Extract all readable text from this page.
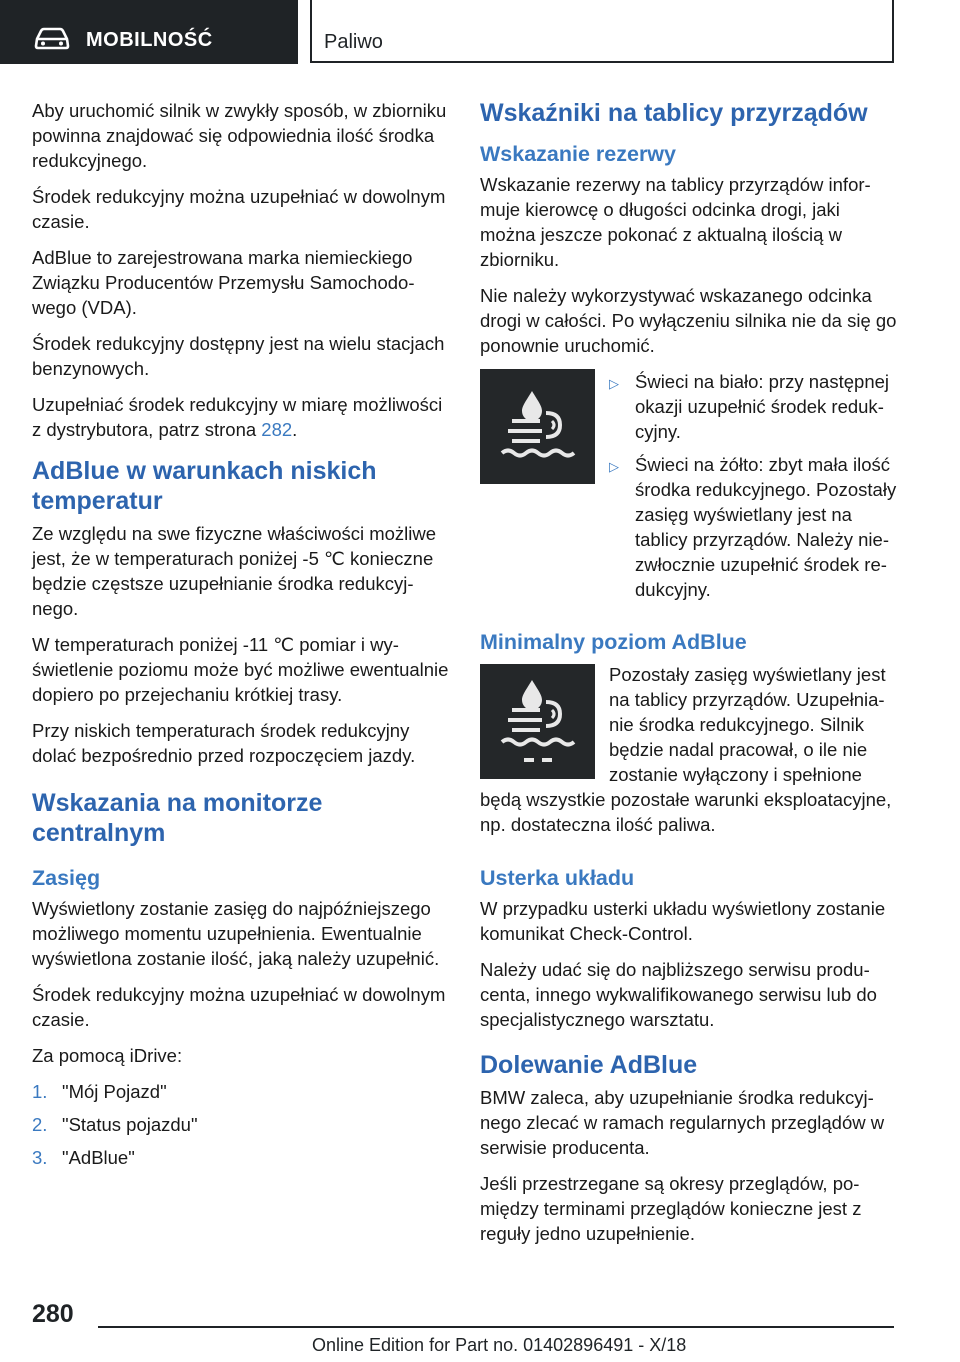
MOBILNOŚĆ	Paliwo

Aby uruchomić silnik w zwykły sposób, w zbiorniku powinna znajdować się odpowiednia ilość środka redukcyjnego.

Środek redukcyjny można uzupełniać w dowolnym czasie.

AdBlue to zarejestrowana marka niemieckiego Związku Producentów Przemysłu Samochodowego (VDA).

Środek redukcyjny dostępny jest na wielu stacjach benzynowych.

Uzupełniać środek redukcyjny w miarę możliwości z dystrybutora, patrz strona 282.

AdBlue w warunkach niskich temperatur

Ze względu na swe fizyczne właściwości możliwe jest, że w temperaturach poniżej -5 ℃ konieczne będzie częstsze uzupełnianie środka redukcyjnego.

W temperaturach poniżej -11 ℃ pomiar i wyświetlenie poziomu może być możliwe ewentualnie dopiero po przejechaniu krótkiej trasy.

Przy niskich temperaturach środek redukcyjny dolać bezpośrednio przed rozpoczęciem jazdy.

Wskazania na monitorze centralnym
Zasięg

Wyświetlony zostanie zasięg do najpóźniejszego możliwego momentu uzupełnienia. Ewentualnie wyświetlona zostanie ilość, jaką należy uzupełnić.

Środek redukcyjny można uzupełniać w dowolnym czasie.

Za pomocą iDrive:

1. "Mój Pojazd"
2. "Status pojazdu"
3. "AdBlue"
Wskaźniki na tablicy przyrządów
Wskazanie rezerwy

Wskazanie rezerwy na tablicy przyrządów informuje kierowcę o długości odcinka drogi, jaki można jeszcze pokonać z aktualną ilością w zbiorniku.

Nie należy wykorzystywać wskazanego odcinka drogi w całości. Po wyłączeniu silnika nie da się go ponownie uruchomić.

▷ Świeci na biało: przy następnej okazji uzupełnić środek redukcyjny.
▷ Świeci na żółto: zbyt mała ilość środka redukcyjnego. Pozostały zasięg wyświetlany jest na tablicy przyrządów. Należy niezwłocznie uzupełnić środek redukcyjny.
Minimalny poziom AdBlue

Pozostały zasięg wyświetlany jest na tablicy przyrządów. Uzupełnianie środka redukcyjnego. Silnik będzie nadal pracował, o ile nie zostanie wyłączony i spełnione będą wszystkie pozostałe warunki eksploatacyjne, np. dostateczna ilość paliwa.

Usterka układu

W przypadku usterki układu wyświetlony zostanie komunikat Check-Control.

Należy udać się do najbliższego serwisu producenta, innego wykwalifikowanego serwisu lub do specjalistycznego warsztatu.

Dolewanie AdBlue

BMW zaleca, aby uzupełnianie środka redukcyjnego zlecać w ramach regularnych przeglądów w serwisie producenta.

Jeśli przestrzegane są okresy przeglądów, pomiędzy terminami przeglądów konieczne jest z reguły jedno uzupełnienie.

280
Online Edition for Part no. 01402896491 - X/18
